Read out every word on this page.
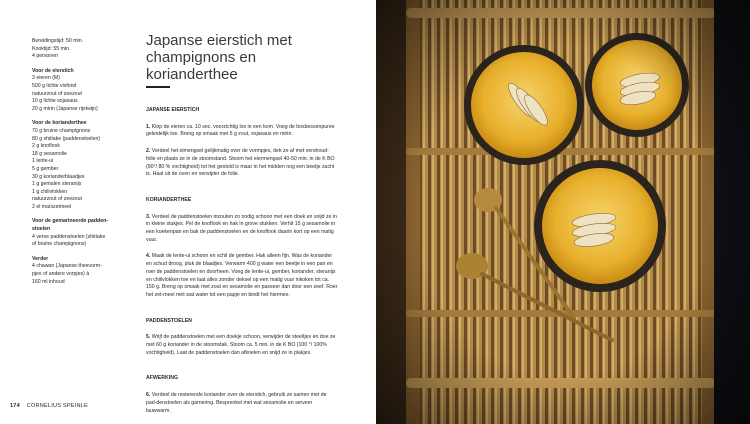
Bereidingstijd: 50 min.

Kooktijd: 55 min.

4 personen

Voor de eierstich

3 eieren (M)

500 g lichte visfond

natuurzout of zeezout

10 g lichte sojasaus

20 g mirin (Japanse rijstwijn)

Voor de korianderthee

70 g bruine champignons

80 g shiitake (paddenstoelen)

2 g knoflook

18 g sesamolie

1 lente-ui

5 g gember

30 g korianderblaadjes

1 g gemalen steranijs

1 g chilivlokken

natuurzout of zeezout

2 el maïszetmeel

Voor de gemarineerde padden-stoelen

4 verse paddenstoelen (shiitake

of bruine champignons)

Verder

4 chawan (Japanse theevorm-

pjes of andere vorpjes) à

160 ml inhoud

Japanse eierstich met champignons en korianderthee

JAPANSE EIERSTICH

1. Klop de eieren ca. 10 sec. voorzichtig los in een kom. Voeg de bosbessenpuree geleidelijk toe. Breng op smaak met 5 g zout, sojasaus en mirin.

2. Verdeel het eimengsel gelijkmatig over de vormpjes, dek ze af met vershoud-folie en plaats ze in de stoomstand. Stoom het eiermengsel 40-50 min. in de K BO (90°/ 80 % vochtigheid) tot het gestold is maar in het midden nog een beetje zacht is. Haal uit de oven en verwijder de folie.

KORIANDERTHEE

3. Verdeel de paddenstoelen inzouten zo nodig schoon met een doek en snijd ze in in kleine stukjes. Pel de knoflook en hak in grove stukken. Verhit 15 g sesamolie in een koekenpan en bak de paddenstoelen en de knoflook daarin kort op een matig vuur.

4. Maak de lente-ui schoon en schil de gember. Hak alleen fijn. Was de koriander en schud droog, pluk de blaadjes. Verwarm 400 g water een beetje in een pan en roer de paddenstoelen en doorheen. Voeg de lente-ui, gember, koriander, steranijs en chilivlokken toe en laat alles zonder deksel op een matig vuur inkoken tot ca. 150 g. Breng op smaak met zout en sesamolie en passeer dan door een zeef. Roer het zet-meel met wat water tot een papje en bindt het hiermee.

PADDENSTOELEN

5. Wrijf de paddenstoelen met een doekje schoon, verwijder de steeltjes en doe ze met 60 g koriander in de stoomstak. Stoom ca. 5 min. in de K BO (100 °/ 100% vochtigheid). Laat de paddenstoelen dan afkoelen en snijd ze in plakjes.

AFWERKING

6. Verdeel de resterende koriander over de eierstich, gebruik ze samen met de pad-denstoelen als garnering. Besprenkel met wat sesamolie en serveer lauwwarm.

174 CORNELIUS SPEINLE
